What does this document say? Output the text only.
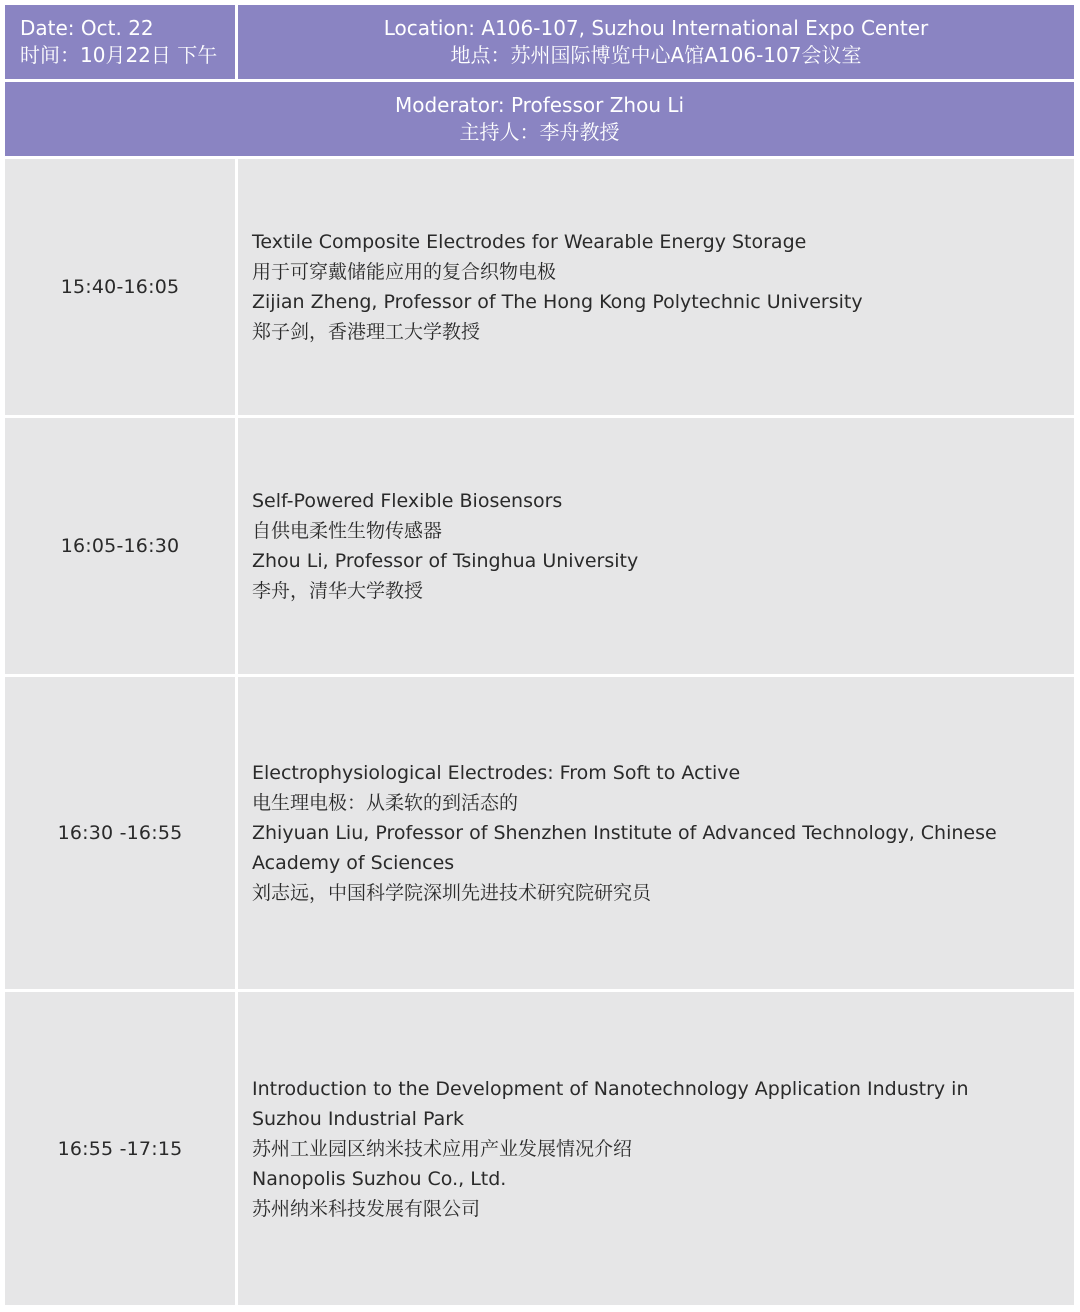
Date: Oct. 22
时间：10月22日 下午
Location: A106-107, Suzhou International Expo Center
地点：苏州国际博览中心A馆A106-107会议室
Moderator: Professor Zhou Li
主持人：李舟教授
15:40-16:05
Textile Composite Electrodes for Wearable Energy Storage
用于可穿戴储能应用的复合织物电极
Zijian Zheng, Professor of The Hong Kong Polytechnic University
郑子剑，香港理工大学教授
16:05-16:30
Self-Powered Flexible Biosensors
自供电柔性生物传感器
Zhou Li, Professor of Tsinghua University
李舟，清华大学教授
16:30 -16:55
Electrophysiological Electrodes: From Soft to Active
电生理电极：从柔软的到活态的
Zhiyuan Liu, Professor of Shenzhen Institute of Advanced Technology, Chinese Academy of Sciences
刘志远，中国科学院深圳先进技术研究院研究员
16:55 -17:15
Introduction to the Development of Nanotechnology Application Industry in Suzhou Industrial Park
苏州工业园区纳米技术应用产业发展情况介绍
Nanopolis Suzhou Co., Ltd.
苏州纳米科技发展有限公司
